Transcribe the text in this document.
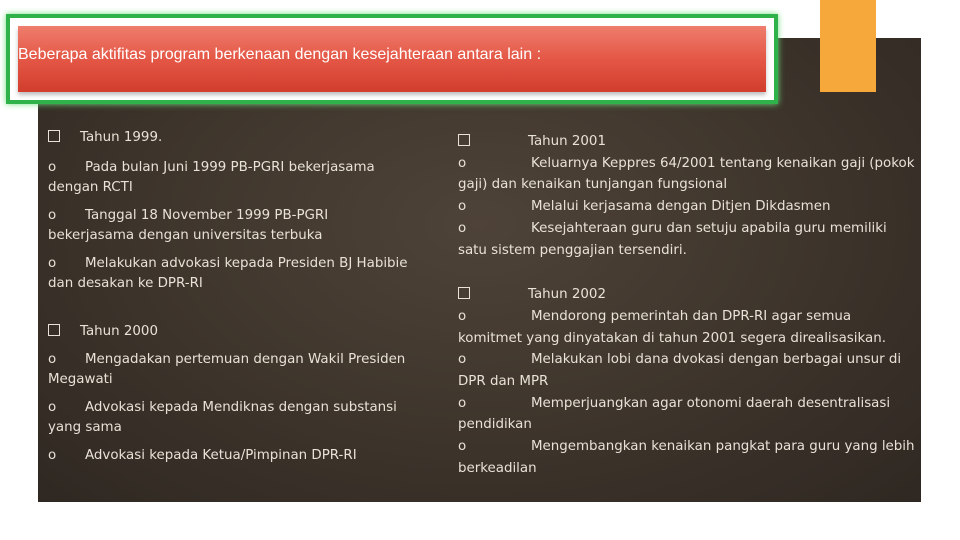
Beberapa aktifitas program berkenaan dengan kesejahteraan antara lain :

Tahun 1999.

o Pada bulan Juni 1999 PB-PGRI bekerjasama dengan RCTI

o Tanggal 18 November 1999 PB-PGRI bekerjasama dengan universitas terbuka

o Melakukan advokasi kepada Presiden BJ Habibie dan desakan ke DPR-RI

Tahun 2000

o Mengadakan pertemuan dengan Wakil Presiden Megawati

o Advokasi kepada Mendiknas dengan substansi yang sama

o Advokasi kepada Ketua/Pimpinan DPR-RI

Tahun 2001

o	Keluarnya Keppres 64/2001 tentang kenaikan gaji (pokok gaji) dan kenaikan tunjangan fungsional

o	Melalui kerjasama dengan Ditjen Dikdasmen

o	Kesejahteraan guru dan setuju apabila guru memiliki satu sistem penggajian tersendiri.

Tahun 2002

o	Mendorong pemerintah dan DPR-RI agar semua komitmet yang dinyatakan di tahun 2001 segera direalisasikan.

o	Melakukan lobi dana dvokasi dengan berbagai unsur di DPR dan MPR

o	Memperjuangkan agar otonomi daerah desentralisasi pendidikan

o	Mengembangkan kenaikan pangkat para guru yang lebih berkeadilan
